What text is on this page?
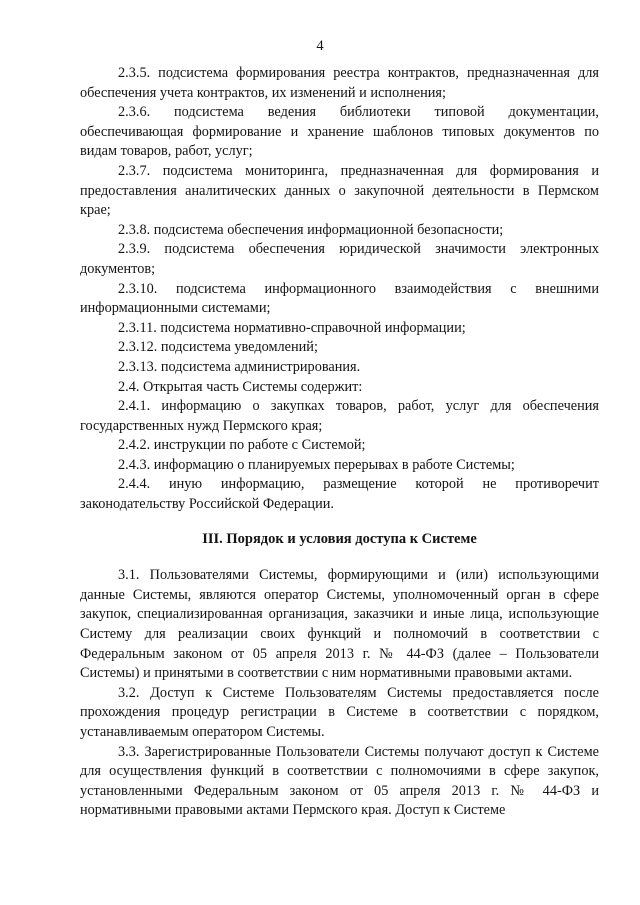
4

2.3.5. подсистема формирования реестра контрактов, предназначенная для обеспечения учета контрактов, их изменений и исполнения;

2.3.6. подсистема ведения библиотеки типовой документации, обеспечивающая формирование и хранение шаблонов типовых документов по видам товаров, работ, услуг;

2.3.7. подсистема мониторинга, предназначенная для формирования и предоставления аналитических данных о закупочной деятельности в Пермском крае;

2.3.8. подсистема обеспечения информационной безопасности;

2.3.9. подсистема обеспечения юридической значимости электронных документов;

2.3.10. подсистема информационного взаимодействия с внешними информационными системами;

2.3.11. подсистема нормативно-справочной информации;

2.3.12. подсистема уведомлений;

2.3.13. подсистема администрирования.

2.4. Открытая часть Системы содержит:

2.4.1. информацию о закупках товаров, работ, услуг для обеспечения государственных нужд Пермского края;

2.4.2. инструкции по работе с Системой;

2.4.3. информацию о планируемых перерывах в работе Системы;

2.4.4. иную информацию, размещение которой не противоречит законодательству Российской Федерации.

III. Порядок и условия доступа к Системе

3.1. Пользователями Системы, формирующими и (или) использующими данные Системы, являются оператор Системы, уполномоченный орган в сфере закупок, специализированная организация, заказчики и иные лица, использующие Систему для реализации своих функций и полномочий в соответствии с Федеральным законом от 05 апреля 2013 г. № 44-ФЗ (далее – Пользователи Системы) и принятыми в соответствии с ним нормативными правовыми актами.

3.2. Доступ к Системе Пользователям Системы предоставляется после прохождения процедур регистрации в Системе в соответствии с порядком, устанавливаемым оператором Системы.

3.3. Зарегистрированные Пользователи Системы получают доступ к Системе для осуществления функций в соответствии с полномочиями в сфере закупок, установленными Федеральным законом от 05 апреля 2013 г. № 44-ФЗ и нормативными правовыми актами Пермского края. Доступ к Системе
